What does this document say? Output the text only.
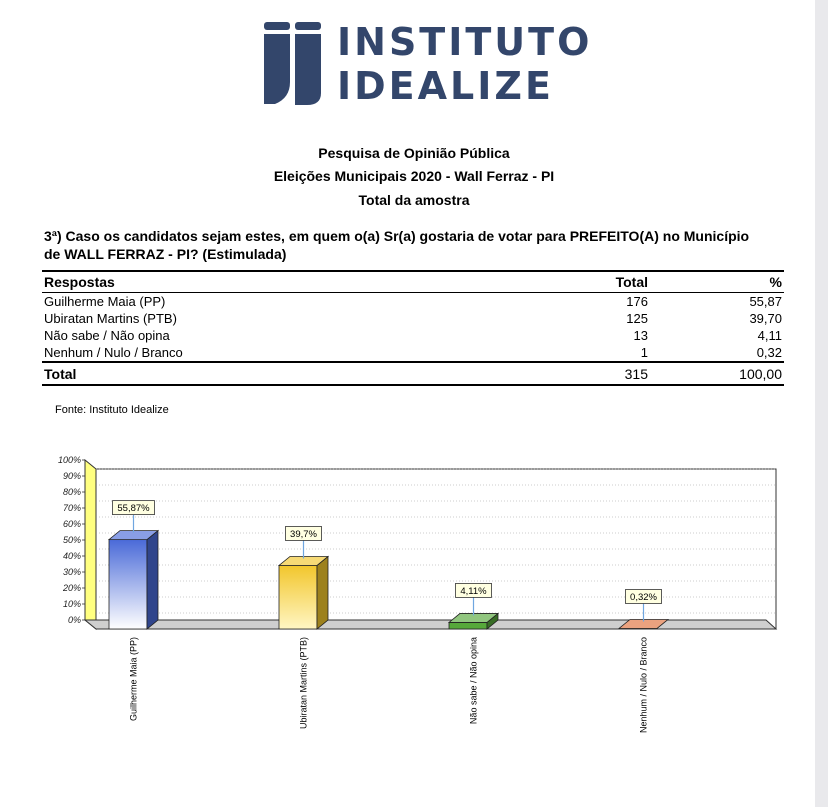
INSTITUTO
IDEALIZE
Pesquisa de Opinião Pública
Eleições Municipais 2020 - Wall Ferraz - PI
Total da amostra
3ª) Caso os candidatos sejam estes, em quem o(a) Sr(a) gostaria de votar para PREFEITO(A) no Município de WALL FERRAZ - PI? (Estimulada)
Respostas	Total	%
Guilherme Maia (PP)	176	55,87
Ubiratan Martins (PTB)	125	39,70
Não sabe / Não opina	13	4,11
Nenhum / Nulo / Branco	1	0,32
Total	315	100,00
Fonte: Instituto Idealize
0%
10%
20%
30%
40%
50%
60%
70%
80%
90%
100%
55,87%
39,7%
4,11%
0,32%
Guilherme Maia (PP)	Ubiratan Martins (PTB)	Não sabe / Não opina	Nenhum / Nulo / Branco
